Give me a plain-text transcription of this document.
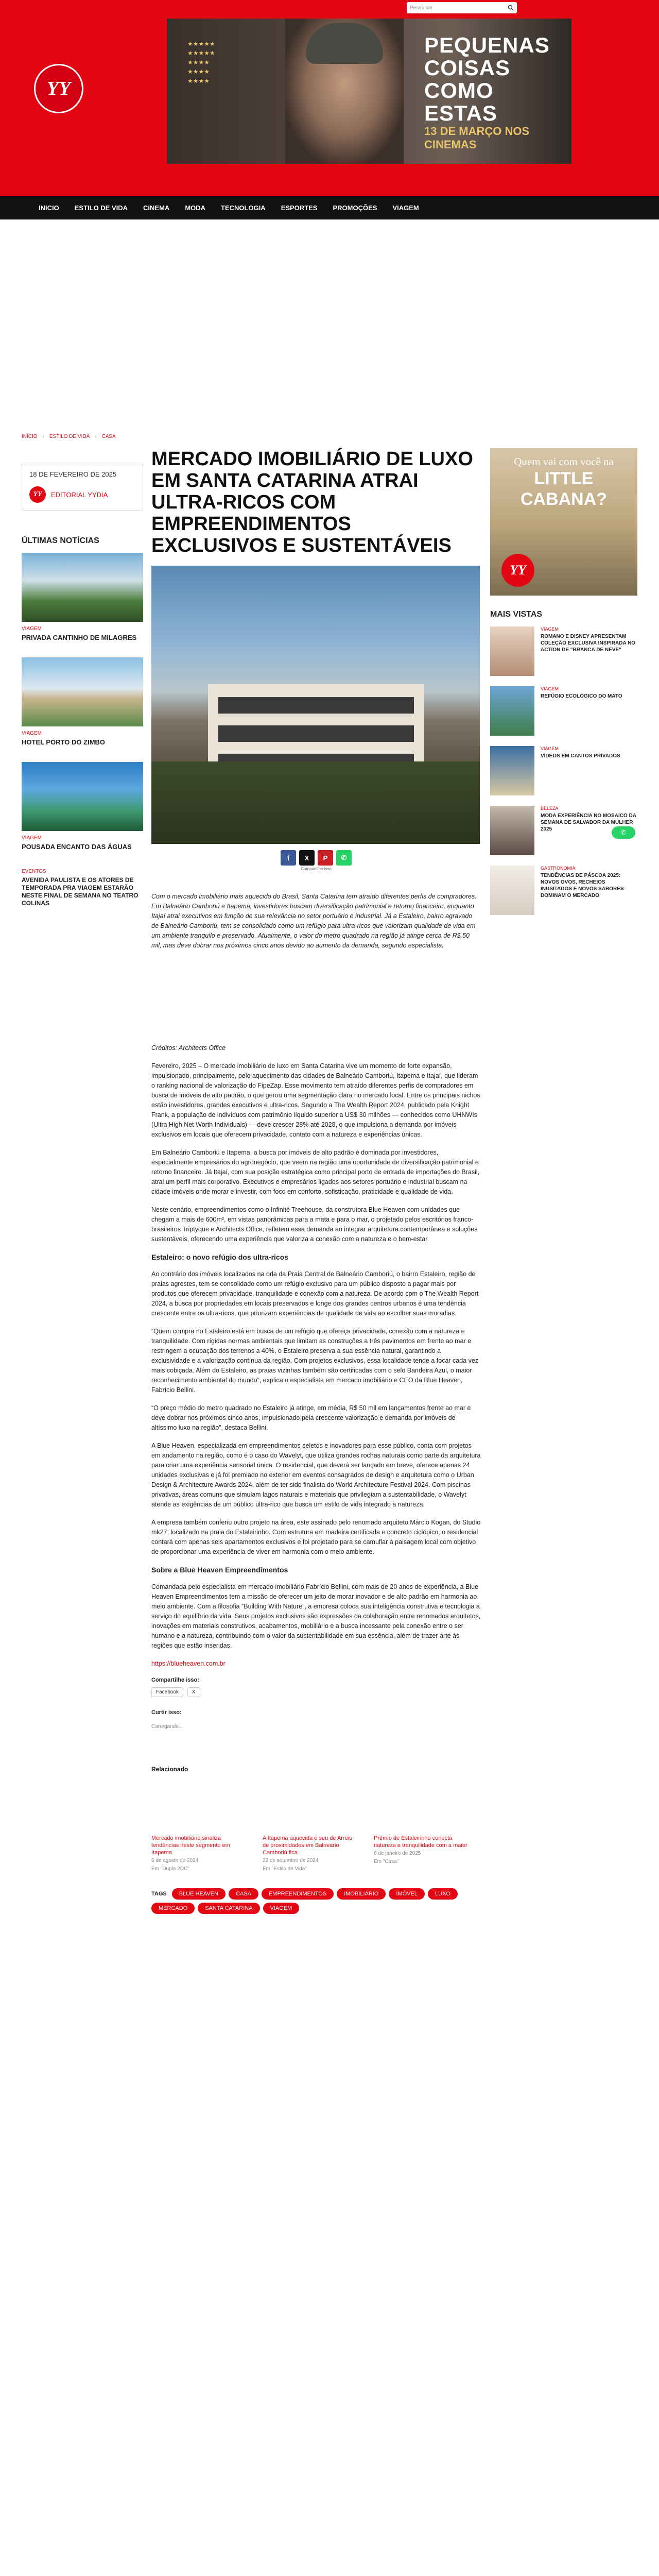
Pesquisar
YY
★★★★★
★★★★★
★★★★
★★★★
★★★★
PEQUENAS COISAS COMO ESTAS
13 DE MARÇO NOS CINEMAS
INICIO	ESTILO DE VIDA	CINEMA	MODA	TECNOLOGIA	ESPORTES	PROMOÇÕES	VIAGEM
INÍCIO › ESTILO DE VIDA › CASA
18 DE FEVEREIRO DE 2025
YY	EDITORIAL YYDIA
ÚLTIMAS NOTÍCIAS
VIAGEM
PRIVADA CANTINHO DE MILAGRES
VIAGEM
HOTEL PORTO DO ZIMBO
VIAGEM
POUSADA ENCANTO DAS ÁGUAS
EVENTOS
AVENIDA PAULISTA E OS ATORES DE TEMPORADA PRA VIAGEM ESTARÃO NESTE FINAL DE SEMANA NO TEATRO COLINAS
MERCADO IMOBILIÁRIO DE LUXO EM SANTA CATARINA ATRAI ULTRA-RICOS COM EMPREENDIMENTOS EXCLUSIVOS E SUSTENTÁVEIS
f	X	P	✆
Compartilhe isso

Com o mercado imobiliário mais aquecido do Brasil, Santa Catarina tem atraído diferentes perfis de compradores. Em Balneário Camboriú e Itapema, investidores buscam diversificação patrimonial e retorno financeiro, enquanto Itajaí atrai executivos em função de sua relevância no setor portuário e industrial. Já a Estaleiro, bairro agravado de Balneário Camboriú, tem se consolidado como um refúgio para ultra-ricos que valorizam qualidade de vida em um ambiente tranquilo e preservado. Atualmente, o valor do metro quadrado na região já atinge cerca de R$ 50 mil, mas deve dobrar nos próximos cinco anos devido ao aumento da demanda, segundo especialista.

Créditos: Architects Office

Fevereiro, 2025 – O mercado imobiliário de luxo em Santa Catarina vive um momento de forte expansão, impulsionado, principalmente, pelo aquecimento das cidades de Balneário Camboriú, Itapema e Itajaí, que lideram o ranking nacional de valorização do FipeZap. Esse movimento tem atraído diferentes perfis de compradores em busca de imóveis de alto padrão, o que gerou uma segmentação clara no mercado local. Entre os principais nichos estão investidores, grandes executivos e ultra-ricos. Segundo a The Wealth Report 2024, publicado pela Knight Frank, a população de indivíduos com patrimônio líquido superior a US$ 30 milhões — conhecidos como UHNWIs (Ultra High Net Worth Individuals) — deve crescer 28% até 2028, o que impulsiona a demanda por imóveis exclusivos em locais que oferecem privacidade, contato com a natureza e experiências únicas.

Em Balneário Camboriú e Itapema, a busca por imóveis de alto padrão é dominada por investidores, especialmente empresários do agronegócio, que veem na região uma oportunidade de diversificação patrimonial e retorno financeiro. Já Itajaí, com sua posição estratégica como principal porto de entrada de importações do Brasil, atrai um perfil mais corporativo. Executivos e empresários ligados aos setores portuário e industrial buscam na cidade imóveis onde morar e investir, com foco em conforto, sofisticação, praticidade e qualidade de vida.

Neste cenário, empreendimentos como o Infinité Treehouse, da construtora Blue Heaven com unidades que chegam a mais de 600m², em vistas panorâmicas para a mata e para o mar, o projetado pelos escritórios franco-brasileiros Triptyque e Architects Office, refletem essa demanda ao integrar arquitetura contemporânea e soluções sustentáveis, oferecendo uma experiência que valoriza a conexão com a natureza e o bem-estar.

Estaleiro: o novo refúgio dos ultra-ricos

Ao contrário dos imóveis localizados na orla da Praia Central de Balneário Camboriú, o bairro Estaleiro, região de praias agrestes, tem se consolidado como um refúgio exclusivo para um público disposto a pagar mais por produtos que oferecem privacidade, tranquilidade e conexão com a natureza. De acordo com o The Wealth Report 2024, a busca por propriedades em locais preservados e longe dos grandes centros urbanos é uma tendência crescente entre os ultra-ricos, que priorizam experiências de qualidade de vida ao escolher suas moradias.

“Quem compra no Estaleiro está em busca de um refúgio que ofereça privacidade, conexão com a natureza e tranquilidade. Com rígidas normas ambientais que limitam as construções a três pavimentos em frente ao mar e restringem a ocupação dos terrenos a 40%, o Estaleiro preserva a sua essência natural, garantindo a exclusividade e a valorização contínua da região. Com projetos exclusivos, essa localidade tende a focar cada vez mais cobiçada. Além do Estaleiro, as praias vizinhas também são certificadas com o selo Bandeira Azul, o maior reconhecimento ambiental do mundo”, explica o especialista em mercado imobiliário e CEO da Blue Heaven, Fabrício Bellini.

“O preço médio do metro quadrado no Estaleiro já atinge, em média, R$ 50 mil em lançamentos frente ao mar e deve dobrar nos próximos cinco anos, impulsionado pela crescente valorização e demanda por imóveis de altíssimo luxo na região”, destaca Bellini.

A Blue Heaven, especializada em empreendimentos seletos e inovadores para esse público, conta com projetos em andamento na região, como é o caso do Wavelyt, que utiliza grandes rochas naturais como parte da arquitetura para criar uma experiência sensorial única. O residencial, que deverá ser lançado em breve, oferece apenas 24 unidades exclusivas e já foi premiado no exterior em eventos consagrados de design e arquitetura como o Urban Design & Architecture Awards 2024, além de ter sido finalista do World Architecture Festival 2024. Com piscinas privativas, áreas comuns que simulam lagos naturais e materiais que privilegiam a sustentabilidade, o Wavelyt atende as exigências de um público ultra-rico que busca um estilo de vida integrado à natureza.

A empresa também conferiu outro projeto na área, este assinado pelo renomado arquiteto Márcio Kogan, do Studio mk27, localizado na praia do Estaleirinho. Com estrutura em madeira certificada e concreto ciclópico, o residencial contará com apenas seis apartamentos exclusivos e foi projetado para se camuflar à paisagem local com objetivo de proporcionar uma experiência de viver em harmonia com o meio ambiente.

Sobre a Blue Heaven Empreendimentos

Comandada pelo especialista em mercado imobiliário Fabrício Bellini, com mais de 20 anos de experiência, a Blue Heaven Empreendimentos tem a missão de oferecer um jeito de morar inovador e de alto padrão em harmonia ao meio ambiente. Com a filosofia “Building With Nature”, a empresa coloca sua inteligência construtiva e tecnologia a serviço do equilíbrio da vida. Seus projetos exclusivos são expressões da colaboração entre renomados arquitetos, inovações em materiais construtivos, acabamentos, mobiliário e a busca incessante pela conexão entre o ser humano e a natureza, contribuindo com o valor da sustentabilidade em sua essência, além de trazer arte às regiões que estão inseridas.

https://blueheaven.com.br

Compartilhe isso:
Facebook	X
Curtir isso:
Carregando...
Relacionado
Mercado imobiliário sinaliza tendências neste segmento em Itapema
6 de agosto de 2024
Em "Dupla 2DC"
A Itapema aquecida e seu de Arreio de proximidades em Balneário Camboriú fica
22 de setembro de 2024
Em "Estilo de Vida"
Prêmio de Estaleirinho conecta natureza e tranquilidade com a maior
6 de janeiro de 2025
Em "Casa"
TAGS	BLUE HEAVEN	CASA	EMPREENDIMENTOS	IMOBILIÁRIO	IMÓVEL	LUXO
MERCADO	SANTA CATARINA	VIAGEM
Quem vai com você na
LITTLE CABANA?
YY
MAIS VISTAS
VIAGEM
ROMANO E DISNEY APRESENTAM COLEÇÃO EXCLUSIVA INSPIRADA NO ACTION DE "BRANCA DE NEVE"
VIAGEM
REFÚGIO ECOLÓGICO DO MATO
VIAGEM
VÍDEOS EM CANTOS PRIVADOS
BELEZA
MODA EXPERIÊNCIA NO MOSAICO DA SEMANA DE SALVADOR DA MULHER 2025
GASTRONOMIA
TENDÊNCIAS DE PÁSCOA 2025: NOVOS OVOS, RECHEIOS INUSITADOS E NOVOS SABORES DOMINAM O MERCADO
✆
